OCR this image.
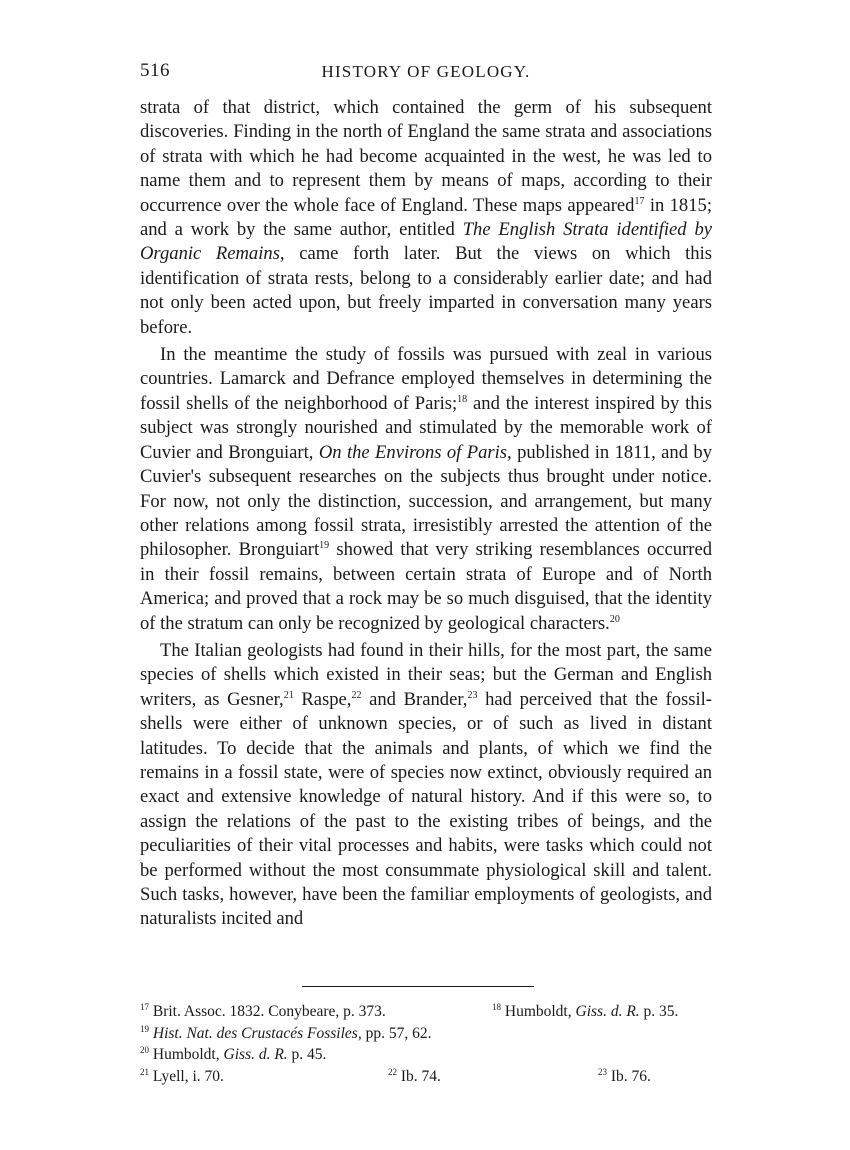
516	HISTORY OF GEOLOGY.

strata of that district, which contained the germ of his subsequent discoveries. Finding in the north of England the same strata and associations of strata with which he had become acquainted in the west, he was led to name them and to represent them by means of maps, according to their occurrence over the whole face of England. These maps appeared$^{17}$ in 1815; and a work by the same author, entitled The English Strata identified by Organic Remains, came forth later. But the views on which this identification of strata rests, belong to a considerably earlier date; and had not only been acted upon, but freely imparted in conversation many years before.

In the meantime the study of fossils was pursued with zeal in various countries. Lamarck and Defrance employed themselves in determining the fossil shells of the neighborhood of Paris;$^{18}$ and the interest inspired by this subject was strongly nourished and stimulated by the memorable work of Cuvier and Bronguiart, On the Environs of Paris, published in 1811, and by Cuvier's subsequent researches on the subjects thus brought under notice. For now, not only the distinction, succession, and arrangement, but many other relations among fossil strata, irresistibly arrested the attention of the philosopher. Bronguiart$^{19}$ showed that very striking resemblances occurred in their fossil remains, between certain strata of Europe and of North America; and proved that a rock may be so much disguised, that the identity of the stratum can only be recognized by geological characters.$^{20}$

The Italian geologists had found in their hills, for the most part, the same species of shells which existed in their seas; but the German and English writers, as Gesner,$^{21}$ Raspe,$^{22}$ and Brander,$^{23}$ had perceived that the fossil-shells were either of unknown species, or of such as lived in distant latitudes. To decide that the animals and plants, of which we find the remains in a fossil state, were of species now extinct, obviously required an exact and extensive knowledge of natural history. And if this were so, to assign the relations of the past to the existing tribes of beings, and the peculiarities of their vital processes and habits, were tasks which could not be performed without the most consummate physiological skill and talent. Such tasks, however, have been the familiar employments of geologists, and naturalists incited and

$^{17}$ Brit. Assoc. 1832. Conybeare, p. 373.	$^{18}$ Humboldt, Giss. d. R. p. 35.
$^{19}$ Hist. Nat. des Crustacés Fossiles, pp. 57, 62.
$^{20}$ Humboldt, Giss. d. R. p. 45.
$^{21}$ Lyell, i. 70.	$^{22}$ Ib. 74.	$^{23}$ Ib. 76.
